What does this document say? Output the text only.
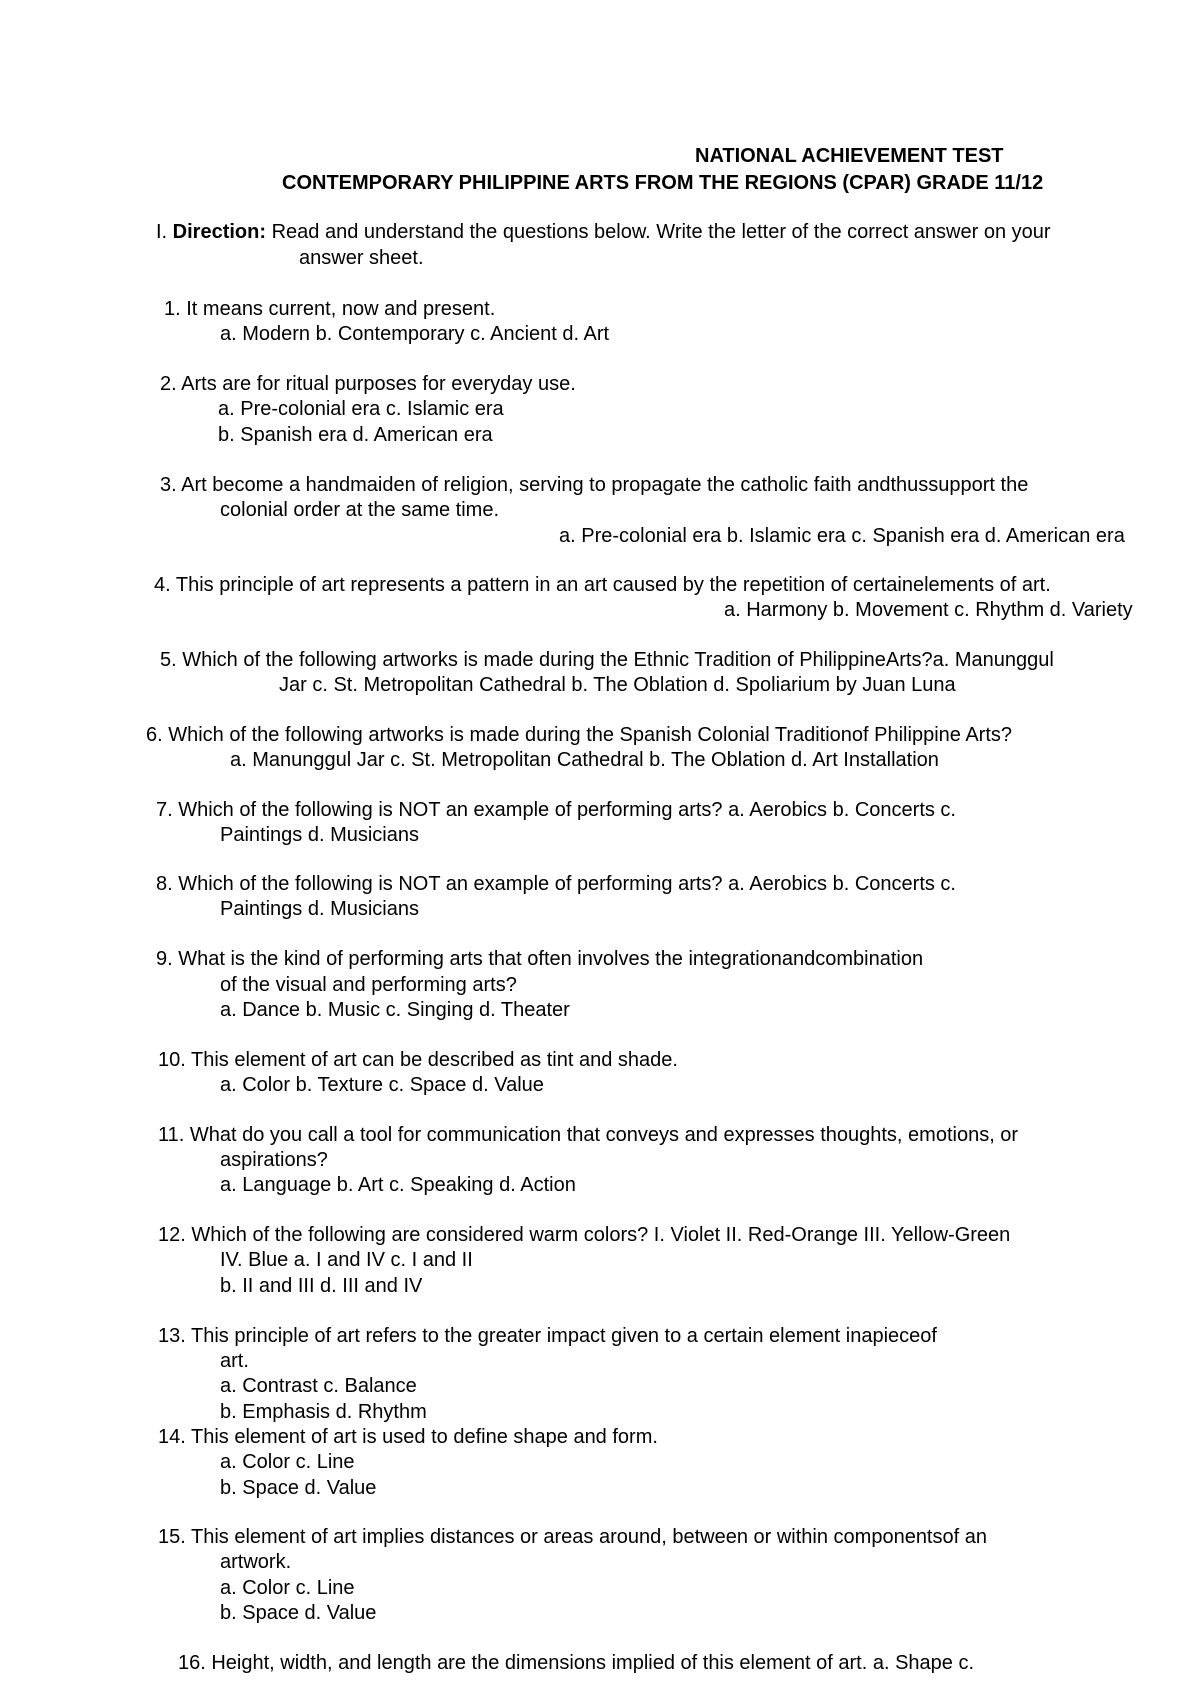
NATIONAL ACHIEVEMENT TEST
CONTEMPORARY PHILIPPINE ARTS FROM THE REGIONS (CPAR) GRADE 11/12
I. Direction: Read and understand the questions below. Write the letter of the correct answer on your
answer sheet.
1. It means current, now and present.
a. Modern b. Contemporary c. Ancient d. Art
2. Arts are for ritual purposes for everyday use.
a. Pre-colonial era c. Islamic era
b. Spanish era d. American era
3. Art become a handmaiden of religion, serving to propagate the catholic faith andthussupport the
colonial order at the same time.
a. Pre-colonial era b. Islamic era c. Spanish era d. American era
4. This principle of art represents a pattern in an art caused by the repetition of certainelements of art.
a. Harmony b. Movement c. Rhythm d. Variety
5. Which of the following artworks is made during the Ethnic Tradition of PhilippineArts?a. Manunggul
Jar c. St. Metropolitan Cathedral b. The Oblation d. Spoliarium by Juan Luna
6. Which of the following artworks is made during the Spanish Colonial Traditionof Philippine Arts?
a. Manunggul Jar c. St. Metropolitan Cathedral b. The Oblation d. Art Installation
7. Which of the following is NOT an example of performing arts? a. Aerobics b. Concerts c.
Paintings d. Musicians
8. Which of the following is NOT an example of performing arts? a. Aerobics b. Concerts c.
Paintings d. Musicians
9. What is the kind of performing arts that often involves the integrationandcombination
of the visual and performing arts?
a. Dance b. Music c. Singing d. Theater
10. This element of art can be described as tint and shade.
a. Color b. Texture c. Space d. Value
11. What do you call a tool for communication that conveys and expresses thoughts, emotions, or
aspirations?
a. Language b. Art c. Speaking d. Action
12. Which of the following are considered warm colors? I. Violet II. Red-Orange III. Yellow-Green
IV. Blue a. I and IV c. I and II
b. II and III d. III and IV
13. This principle of art refers to the greater impact given to a certain element inapieceof
art.
a. Contrast c. Balance
b. Emphasis d. Rhythm
14. This element of art is used to define shape and form.
a. Color c. Line
b. Space d. Value
15. This element of art implies distances or areas around, between or within componentsof an
artwork.
a. Color c. Line
b. Space d. Value
16. Height, width, and length are the dimensions implied of this element of art. a. Shape c.
